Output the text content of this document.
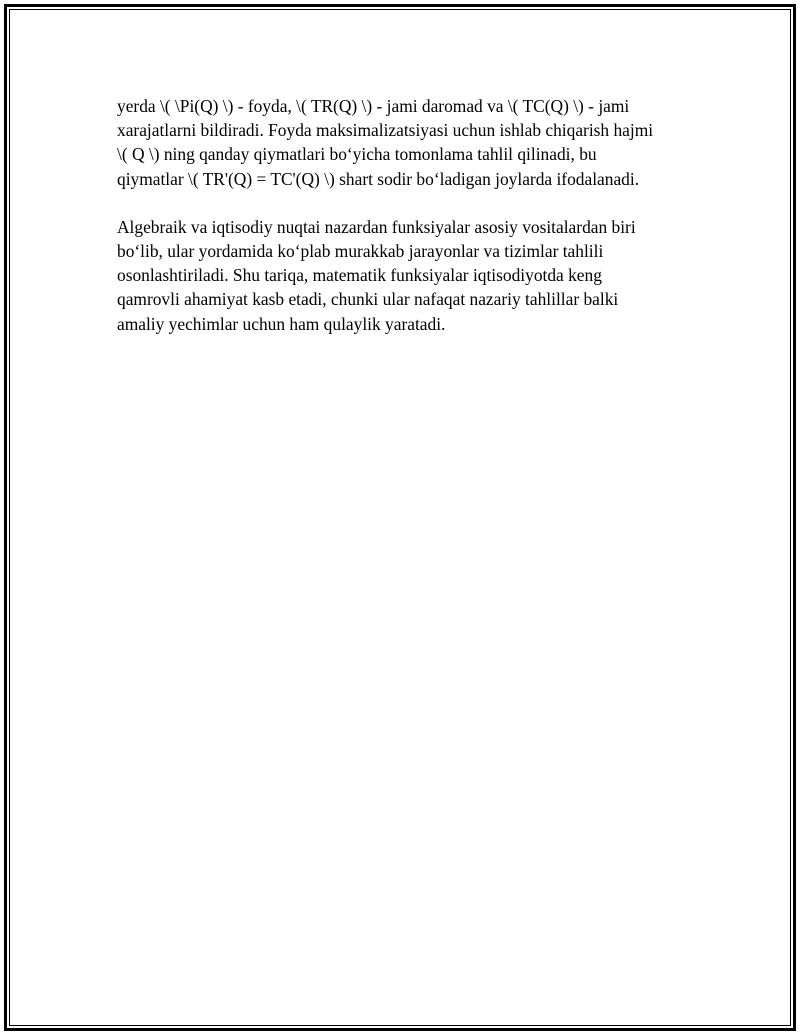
yerda \( \Pi(Q) \) - foyda, \( TR(Q) \) - jami daromad va \( TC(Q) \) - jami
xarajatlarni bildiradi. Foyda maksimalizatsiyasi uchun ishlab chiqarish hajmi
\( Q \) ning qanday qiymatlari bo‘yicha tomonlama tahlil qilinadi, bu
qiymatlar \( TR'(Q) = TC'(Q) \) shart sodir bo‘ladigan joylarda ifodalanadi.

Algebraik va iqtisodiy nuqtai nazardan funksiyalar asosiy vositalardan biri
bo‘lib, ular yordamida ko‘plab murakkab jarayonlar va tizimlar tahlili
osonlashtiriladi. Shu tariqa, matematik funksiyalar iqtisodiyotda keng
qamrovli ahamiyat kasb etadi, chunki ular nafaqat nazariy tahlillar balki
amaliy yechimlar uchun ham qulaylik yaratadi.
